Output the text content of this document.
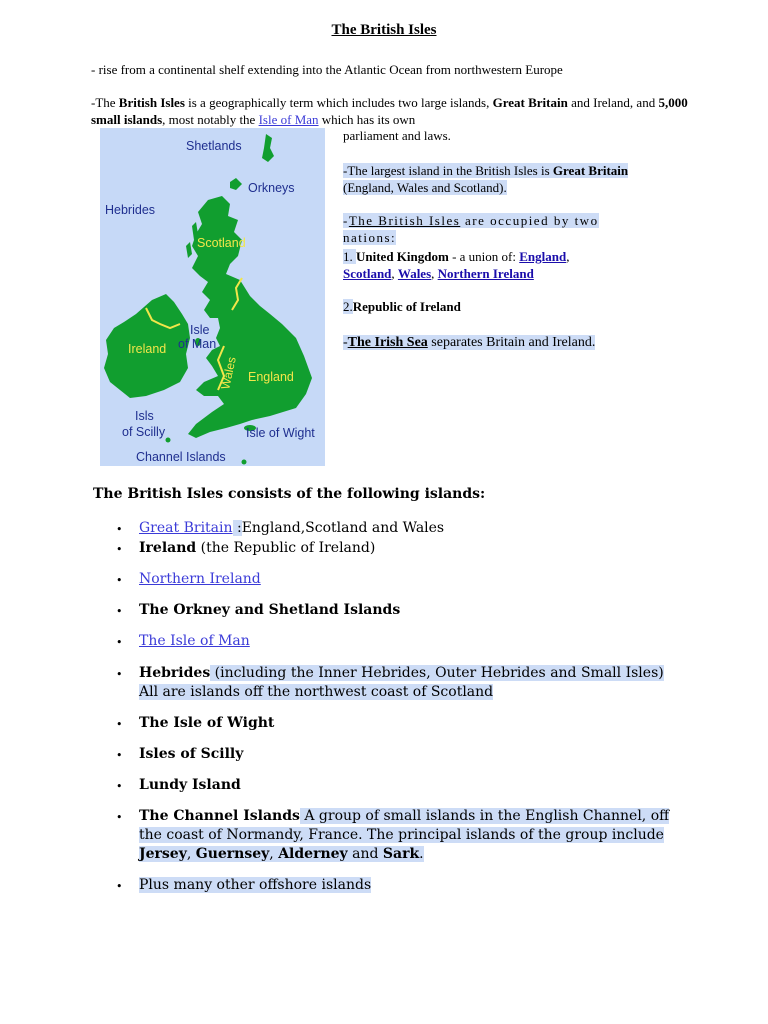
The British Isles
- rise from a continental shelf extending into the Atlantic Ocean from northwestern Europe
-The British Isles is a geographically term which includes two large islands, Great Britain and Ireland, and 5,000 small islands, most notably the Isle of Man which has its own
parliament and laws.
Shetlands
Orkneys
Hebrides
Scotland
Isle
of Man
Ireland
Wales England
Isls
of Scilly	Isle of Wight
Channel Islands
-The largest island in the British Isles is Great Britain (England, Wales and Scotland).
-The British Isles are occupied by two nations:
1. United Kingdom - a union of: England,
Scotland, Wales, Northern Ireland
2.Republic of Ireland
-The Irish Sea separates Britain and Ireland.
The British Isles consists of the following islands:
• Great Britain :England,Scotland and Wales
• Ireland (the Republic of Ireland)
• Northern Ireland
• The Orkney and Shetland Islands
• The Isle of Man
• Hebrides (including the Inner Hebrides, Outer Hebrides and Small Isles) All are islands off the northwest coast of Scotland
• The Isle of Wight
• Isles of Scilly
• Lundy Island
• The Channel Islands A group of small islands in the English Channel, off the coast of Normandy, France. The principal islands of the group include Jersey, Guernsey, Alderney and Sark.
• Plus many other offshore islands
